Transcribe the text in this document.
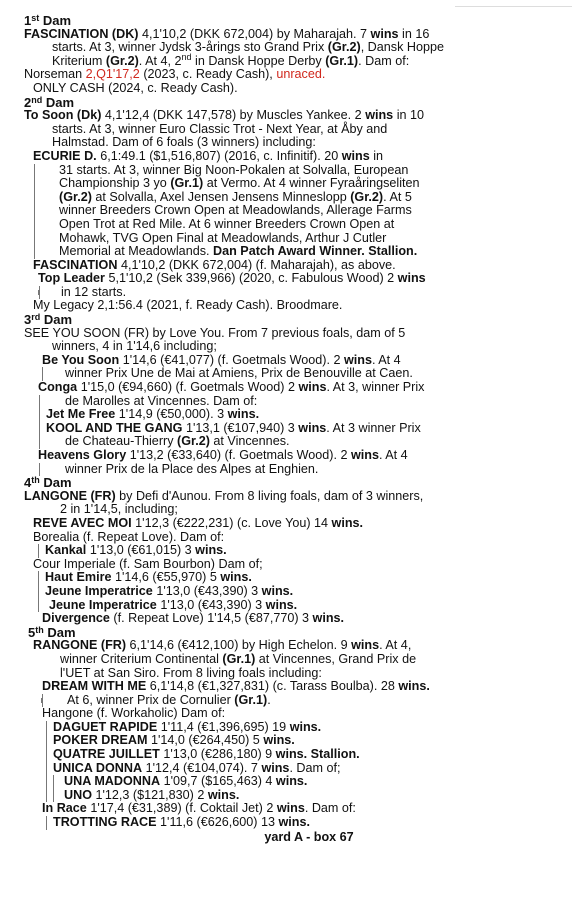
1st Dam
FASCINATION (DK) 4,1'10,2 (DKK 672,004) by Maharajah. 7 wins in 16
starts. At 3, winner Jydsk 3-årings sto Grand Prix (Gr.2), Dansk Hoppe
Kriterium (Gr.2). At 4, 2nd in Dansk Hoppe Derby (Gr.1). Dam of:
Norseman 2,Q1'17,2 (2023, c. Ready Cash), unraced.
ONLY CASH (2024, c. Ready Cash).
2nd Dam
To Soon (Dk) 4,1'12,4 (DKK 147,578) by Muscles Yankee. 2 wins in 10
starts. At 3, winner Euro Classic Trot - Next Year, at Åby and
Halmstad. Dam of 6 foals (3 winners) including:
ECURIE D. 6,1:49.1 ($1,516,807) (2016, c. Infinitif). 20 wins in
31 starts. At 3, winner Big Noon-Pokalen at Solvalla, European
Championship 3 yo (Gr.1) at Vermo. At 4 winner Fyraåringseliten
(Gr.2) at Solvalla, Axel Jensen Jensens Minneslopp (Gr.2). At 5
winner Breeders Crown Open at Meadowlands, Allerage Farms
Open Trot at Red Mile. At 6 winner Breeders Crown Open at
Mohawk, TVG Open Final at Meadowlands, Arthur J Cutler
Memorial at Meadowlands. Dan Patch Award Winner. Stallion.
FASCINATION 4,1'10,2 (DKK 672,004) (f. Maharajah), as above.
Top Leader 5,1'10,2 (Sek 339,966) (2020, c. Fabulous Wood) 2 wins
in 12 starts.
My Legacy 2,1:56.4 (2021, f. Ready Cash). Broodmare.
3rd Dam
SEE YOU SOON (FR) by Love You. From 7 previous foals, dam of 5
winners, 4 in 1'14,6 including;
Be You Soon 1'14,6 (€41,077) (f. Goetmals Wood). 2 wins. At 4
winner Prix Une de Mai at Amiens, Prix de Benouville at Caen.
Conga 1'15,0 (€94,660) (f. Goetmals Wood) 2 wins. At 3, winner Prix
de Marolles at Vincennes. Dam of:
Jet Me Free 1'14,9 (€50,000). 3 wins.
KOOL AND THE GANG 1'13,1 (€107,940) 3 wins. At 3 winner Prix
de Chateau-Thierry (Gr.2) at Vincennes.
Heavens Glory 1'13,2 (€33,640) (f. Goetmals Wood). 2 wins. At 4
winner Prix de la Place des Alpes at Enghien.
4th Dam
LANGONE (FR) by Defi d'Aunou. From 8 living foals, dam of 3 winners,
2 in 1'14,5, including;
REVE AVEC MOI 1'12,3 (€222,231) (c. Love You) 14 wins.
Borealia (f. Repeat Love). Dam of:
Kankal 1'13,0 (€61,015) 3 wins.
Cour Imperiale (f. Sam Bourbon) Dam of;
Haut Emire 1'14,6 (€55,970) 5 wins.
Jeune Imperatrice 1'13,0 (€43,390) 3 wins.
Jeune Imperatrice 1'13,0 (€43,390) 3 wins.
Divergence (f. Repeat Love) 1'14,5 (€87,770) 3 wins.
5th Dam
RANGONE (FR) 6,1'14,6 (€412,100) by High Echelon. 9 wins. At 4,
winner Criterium Continental (Gr.1) at Vincennes, Grand Prix de
l'UET at San Siro. From 8 living foals including:
DREAM WITH ME 6,1'14,8 (€1,327,831) (c. Tarass Boulba). 28 wins.
At 6, winner Prix de Cornulier (Gr.1).
Hangone (f. Workaholic) Dam of:
DAGUET RAPIDE 1'11,4 (€1,396,695) 19 wins.
POKER DREAM 1'14,0 (€264,450) 5 wins.
QUATRE JUILLET 1'13,0 (€286,180) 9 wins. Stallion.
UNICA DONNA 1'12,4 (€104,074). 7 wins. Dam of;
UNA MADONNA 1'09,7 ($165,463) 4 wins.
UNO 1'12,3 ($121,830) 2 wins.
In Race 1'17,4 (€31,389) (f. Coktail Jet) 2 wins. Dam of:
TROTTING RACE 1'11,6 (€626,600) 13 wins.
yard A - box 67
